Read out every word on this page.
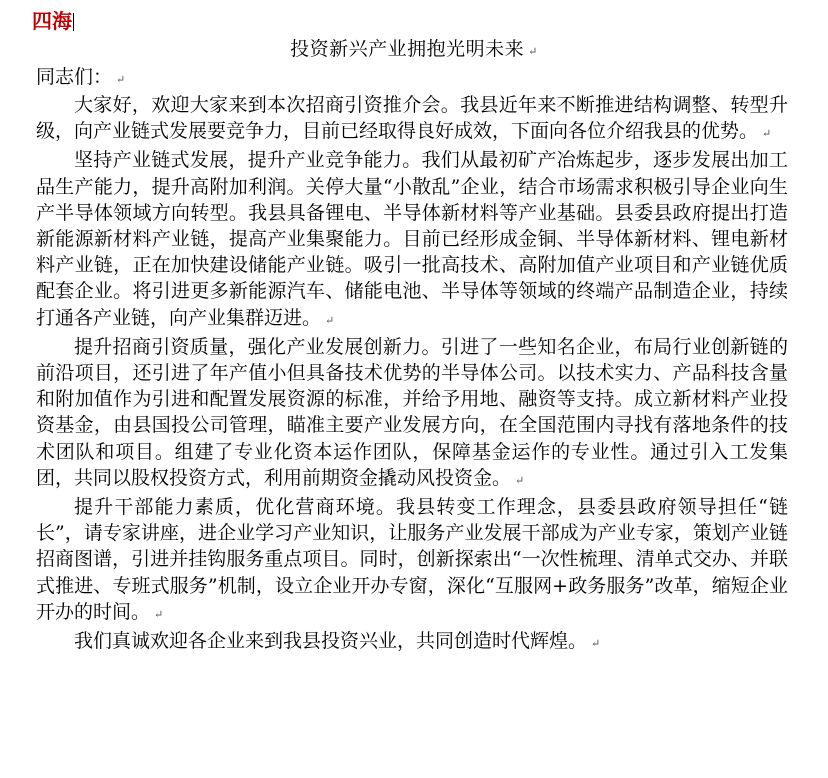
四海
投资新兴产业拥抱光明未来 ↵
同志们： ↵

大家好，欢迎大家来到本次招商引资推介会。我县近年来不断推进结构调整、转型升级，向产业链式发展要竞争力，目前已经取得良好成效，下面向各位介绍我县的优势。 ↵

坚持产业链式发展，提升产业竞争能力。我们从最初矿产冶炼起步，逐步发展出加工品生产能力，提升高附加利润。关停大量“小散乱”企业，结合市场需求积极引导企业向生产半导体领域方向转型。我县具备锂电、半导体新材料等产业基础。县委县政府提出打造新能源新材料产业链，提高产业集聚能力。目前已经形成金铜、半导体新材料、锂电新材料产业链，正在加快建设储能产业链。吸引一批高技术、高附加值产业项目和产业链优质配套企业。将引进更多新能源汽车、储能电池、半导体等领域的终端产品制造企业，持续打通各产业链，向产业集群迈进。 ↵

提升招商引资质量，强化产业发展创新力。引进了一些知名企业，布局行业创新链的前沿项目，还引进了年产值小但具备技术优势的半导体公司。以技术实力、产品科技含量和附加值作为引进和配置发展资源的标准，并给予用地、融资等支持。成立新材料产业投资基金，由县国投公司管理，瞄准主要产业发展方向，在全国范围内寻找有落地条件的技术团队和项目。组建了专业化资本运作团队，保障基金运作的专业性。通过引入工发集团，共同以股权投资方式，利用前期资金撬动风投资金。 ↵

提升干部能力素质，优化营商环境。我县转变工作理念，县委县政府领导担任“链长”，请专家讲座，进企业学习产业知识，让服务产业发展干部成为产业专家，策划产业链招商图谱，引进并挂钩服务重点项目。同时，创新探索出“一次性梳理、清单式交办、并联式推进、专班式服务”机制，设立企业开办专窗，深化“互服网+政务服务”改革，缩短企业开办的时间。 ↵

我们真诚欢迎各企业来到我县投资兴业，共同创造时代辉煌。 ↵
